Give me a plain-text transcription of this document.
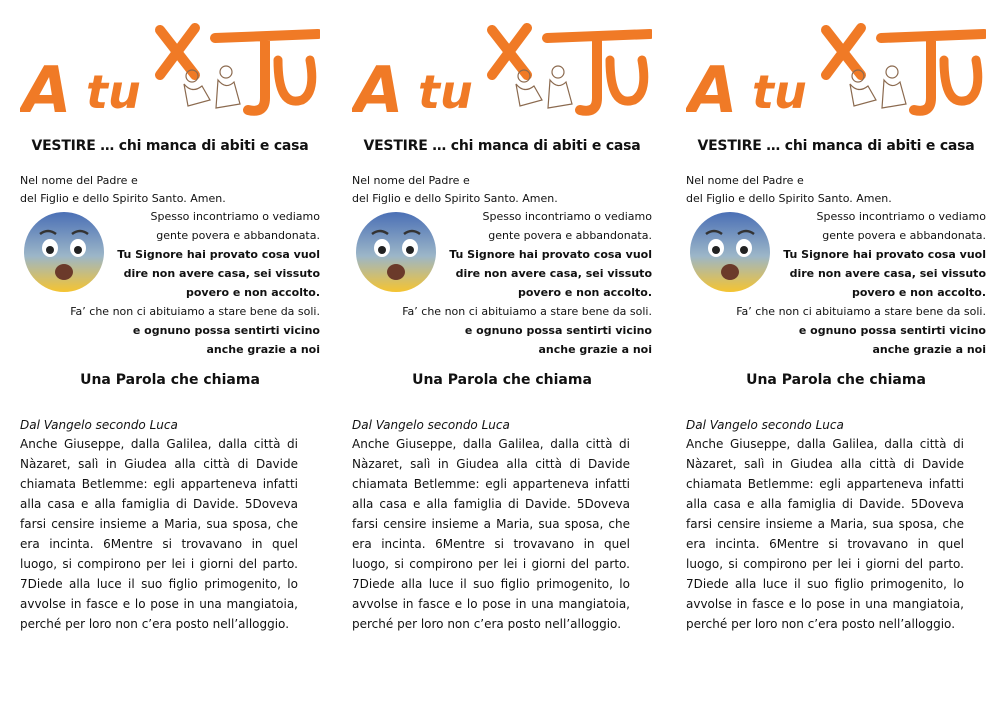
A tu
VESTIRE … chi manca di abiti e casa
Nel nome del Padre e
del Figlio e dello Spirito Santo. Amen.
Spesso incontriamo o vediamo
gente povera e abbandonata.
Tu Signore hai provato cosa vuol
dire non avere casa, sei vissuto
povero e non accolto.
Fa’ che non ci abituiamo a stare bene da soli.
e ognuno possa sentirti vicino
anche grazie a noi
Una Parola che chiama
Dal Vangelo secondo Luca
Anche Giuseppe, dalla Galilea, dalla città di Nàzaret, salì in Giudea alla città di Davide chiamata Betlemme: egli apparteneva infatti alla casa e alla famiglia di Davide. 5Doveva farsi censire insieme a Maria, sua sposa, che era incinta. 6Mentre si trovavano in quel luogo, si compirono per lei i giorni del parto. 7Diede alla luce il suo figlio primogenito, lo avvolse in fasce e lo pose in una mangiatoia, perché per loro non c’era posto nell’alloggio.
A tu
VESTIRE … chi manca di abiti e casa
Nel nome del Padre e
del Figlio e dello Spirito Santo. Amen.
Spesso incontriamo o vediamo
gente povera e abbandonata.
Tu Signore hai provato cosa vuol
dire non avere casa, sei vissuto
povero e non accolto.
Fa’ che non ci abituiamo a stare bene da soli.
e ognuno possa sentirti vicino
anche grazie a noi
Una Parola che chiama
Dal Vangelo secondo Luca
Anche Giuseppe, dalla Galilea, dalla città di Nàzaret, salì in Giudea alla città di Davide chiamata Betlemme: egli apparteneva infatti alla casa e alla famiglia di Davide. 5Doveva farsi censire insieme a Maria, sua sposa, che era incinta. 6Mentre si trovavano in quel luogo, si compirono per lei i giorni del parto. 7Diede alla luce il suo figlio primogenito, lo avvolse in fasce e lo pose in una mangiatoia, perché per loro non c’era posto nell’alloggio.
A tu
VESTIRE … chi manca di abiti e casa
Nel nome del Padre e
del Figlio e dello Spirito Santo. Amen.
Spesso incontriamo o vediamo
gente povera e abbandonata.
Tu Signore hai provato cosa vuol
dire non avere casa, sei vissuto
povero e non accolto.
Fa’ che non ci abituiamo a stare bene da soli.
e ognuno possa sentirti vicino
anche grazie a noi
Una Parola che chiama
Dal Vangelo secondo Luca
Anche Giuseppe, dalla Galilea, dalla città di Nàzaret, salì in Giudea alla città di Davide chiamata Betlemme: egli apparteneva infatti alla casa e alla famiglia di Davide. 5Doveva farsi censire insieme a Maria, sua sposa, che era incinta. 6Mentre si trovavano in quel luogo, si compirono per lei i giorni del parto. 7Diede alla luce il suo figlio primogenito, lo avvolse in fasce e lo pose in una mangiatoia, perché per loro non c’era posto nell’alloggio.
